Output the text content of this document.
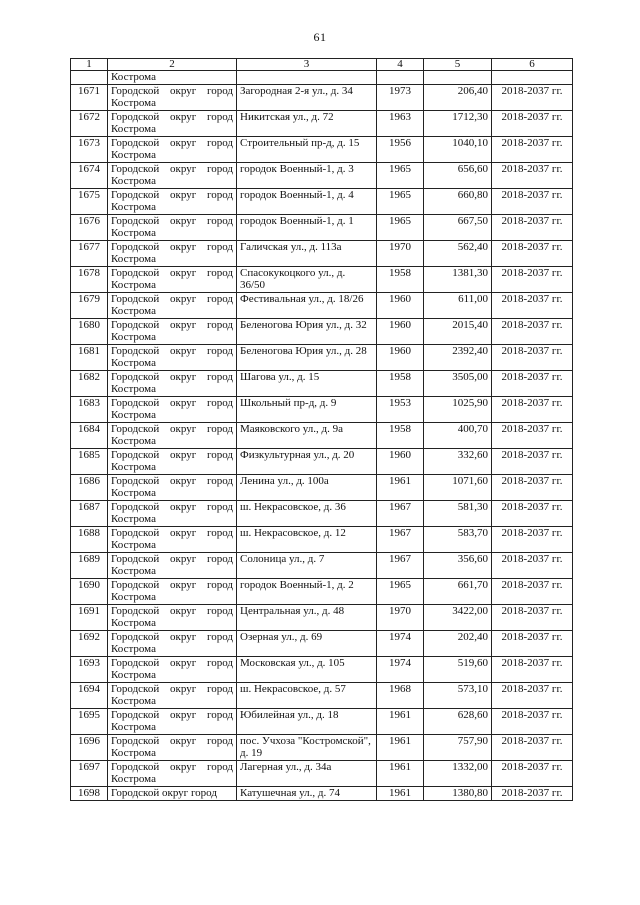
61
1	2	3	4	5	6
	Кострома				
1671	Городской округ город Кострома	Загородная 2-я ул., д. 34	1973	206,40	2018-2037 гг.
1672	Городской округ город Кострома	Никитская ул., д. 72	1963	1712,30	2018-2037 гг.
1673	Городской округ город Кострома	Строительный пр-д, д. 15	1956	1040,10	2018-2037 гг.
1674	Городской округ город Кострома	городок Военный-1, д. 3	1965	656,60	2018-2037 гг.
1675	Городской округ город Кострома	городок Военный-1, д. 4	1965	660,80	2018-2037 гг.
1676	Городской округ город Кострома	городок Военный-1, д. 1	1965	667,50	2018-2037 гг.
1677	Городской округ город Кострома	Галичская ул., д. 113а	1970	562,40	2018-2037 гг.
1678	Городской округ город Кострома	Спасокукоцкого ул., д. 36/50	1958	1381,30	2018-2037 гг.
1679	Городской округ город Кострома	Фестивальная ул., д. 18/26	1960	611,00	2018-2037 гг.
1680	Городской округ город Кострома	Беленогова Юрия ул., д. 32	1960	2015,40	2018-2037 гг.
1681	Городской округ город Кострома	Беленогова Юрия ул., д. 28	1960	2392,40	2018-2037 гг.
1682	Городской округ город Кострома	Шагова ул., д. 15	1958	3505,00	2018-2037 гг.
1683	Городской округ город Кострома	Школьный пр-д, д. 9	1953	1025,90	2018-2037 гг.
1684	Городской округ город Кострома	Маяковского ул., д. 9а	1958	400,70	2018-2037 гг.
1685	Городской округ город Кострома	Физкультурная ул., д. 20	1960	332,60	2018-2037 гг.
1686	Городской округ город Кострома	Ленина ул., д. 100а	1961	1071,60	2018-2037 гг.
1687	Городской округ город Кострома	ш. Некрасовское, д. 36	1967	581,30	2018-2037 гг.
1688	Городской округ город Кострома	ш. Некрасовское, д. 12	1967	583,70	2018-2037 гг.
1689	Городской округ город Кострома	Солоница ул., д. 7	1967	356,60	2018-2037 гг.
1690	Городской округ город Кострома	городок Военный-1, д. 2	1965	661,70	2018-2037 гг.
1691	Городской округ город Кострома	Центральная ул., д. 48	1970	3422,00	2018-2037 гг.
1692	Городской округ город Кострома	Озерная ул., д. 69	1974	202,40	2018-2037 гг.
1693	Городской округ город Кострома	Московская ул., д. 105	1974	519,60	2018-2037 гг.
1694	Городской округ город Кострома	ш. Некрасовское, д. 57	1968	573,10	2018-2037 гг.
1695	Городской округ город Кострома	Юбилейная ул., д. 18	1961	628,60	2018-2037 гг.
1696	Городской округ город Кострома	пос. Учхоза "Костромской", д. 19	1961	757,90	2018-2037 гг.
1697	Городской округ город Кострома	Лагерная ул., д. 34а	1961	1332,00	2018-2037 гг.
1698	Городской округ город	Катушечная ул., д. 74	1961	1380,80	2018-2037 гг.
